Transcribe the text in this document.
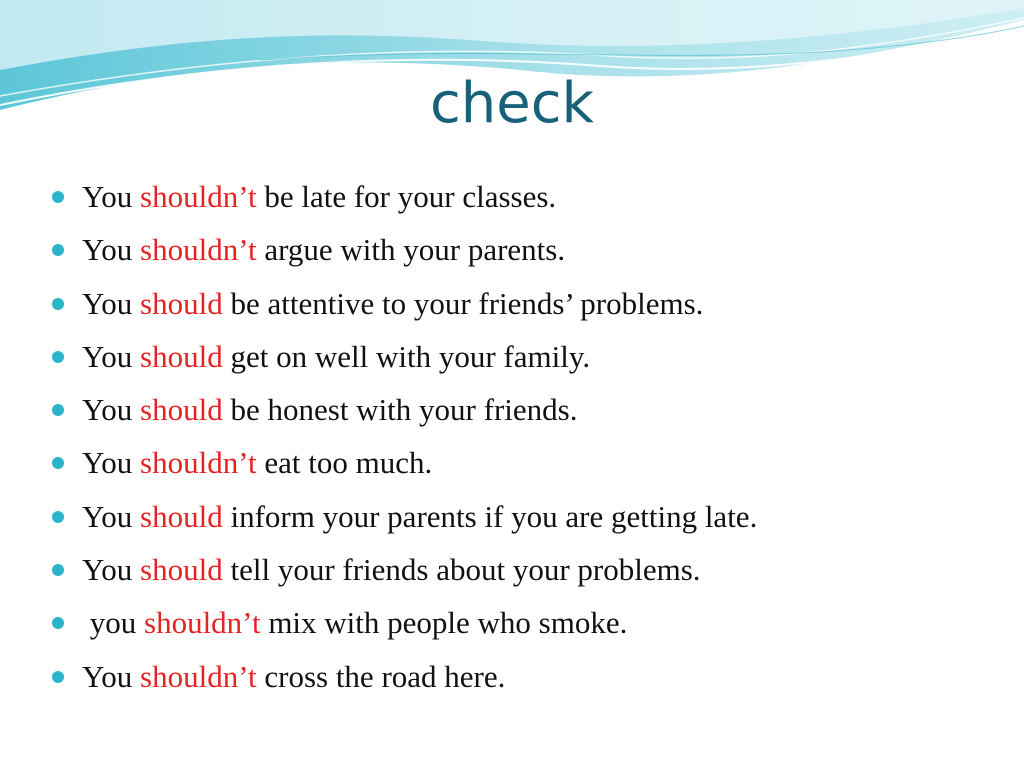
check
You shouldn’t be late for your classes.
You shouldn’t argue with your parents.
You should be attentive to your friends’ problems.
You should get on well with your family.
You should be honest with your friends.
You shouldn’t eat too much.
You should inform your parents if you are getting late.
You should tell your friends about your problems.
you shouldn’t mix with people who smoke.
You shouldn’t cross the road here.
